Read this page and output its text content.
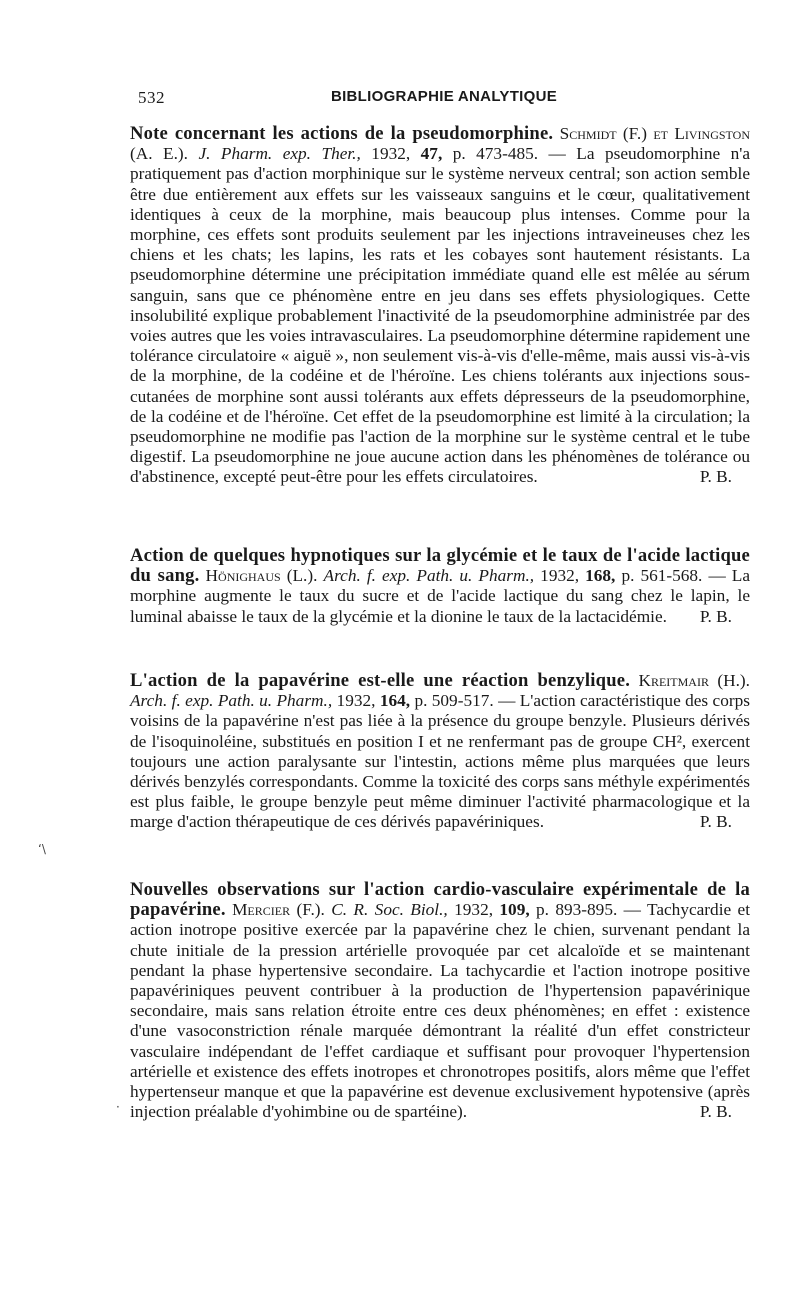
532	BIBLIOGRAPHIE ANALYTIQUE

Note concernant les actions de la pseudomorphine. Schmidt (F.) et Livingston (A. E.). J. Pharm. exp. Ther., 1932, 47, p. 473-485. — La pseudomorphine n'a pratiquement pas d'action morphinique sur le système nerveux central; son action semble être due entièrement aux effets sur les vaisseaux sanguins et le cœur, qualitativement identiques à ceux de la morphine, mais beaucoup plus intenses. Comme pour la morphine, ces effets sont produits seulement par les injections intraveineuses chez les chiens et les chats; les lapins, les rats et les cobayes sont hautement résistants. La pseudomorphine détermine une précipitation immédiate quand elle est mêlée au sérum sanguin, sans que ce phénomène entre en jeu dans ses effets physiologiques. Cette insolubilité explique probablement l'inactivité de la pseudomorphine administrée par des voies autres que les voies intravasculaires. La pseudomorphine détermine rapidement une tolérance circulatoire « aiguë », non seulement vis-à-vis d'elle-même, mais aussi vis-à-vis de la morphine, de la codéine et de l'héroïne. Les chiens tolérants aux injections sous-cutanées de morphine sont aussi tolérants aux effets dépresseurs de la pseudomorphine, de la codéine et de l'héroïne. Cet effet de la pseudomorphine est limité à la circulation; la pseudomorphine ne modifie pas l'action de la morphine sur le système central et le tube digestif. La pseudomorphine ne joue aucune action dans les phénomènes de tolérance ou d'abstinence, excepté peut-être pour les effets circulatoires.	P. B.

Action de quelques hypnotiques sur la glycémie et le taux de l'acide lactique du sang. Hönighaus (L.). Arch. f. exp. Path. u. Pharm., 1932, 168, p. 561-568. — La morphine augmente le taux du sucre et de l'acide lactique du sang chez le lapin, le luminal abaisse le taux de la glycémie et la dionine le taux de la lactacidémie.	P. B.

L'action de la papavérine est-elle une réaction benzylique. Kreitmair (H.). Arch. f. exp. Path. u. Pharm., 1932, 164, p. 509-517. — L'action caractéristique des corps voisins de la papavérine n'est pas liée à la présence du groupe benzyle. Plusieurs dérivés de l'isoquinoléine, substitués en position I et ne renfermant pas de groupe CH², exercent toujours une action paralysante sur l'intestin, actions même plus marquées que leurs dérivés benzylés correspondants. Comme la toxicité des corps sans méthyle expérimentés est plus faible, le groupe benzyle peut même diminuer l'activité pharmacologique et la marge d'action thérapeutique de ces dérivés papavériniques.	P. B.

Nouvelles observations sur l'action cardio-vasculaire expérimentale de la papavérine. Mercier (F.). C. R. Soc. Biol., 1932, 109, p. 893-895. — Tachycardie et action inotrope positive exercée par la papavérine chez le chien, survenant pendant la chute initiale de la pression artérielle provoquée par cet alcaloïde et se maintenant pendant la phase hypertensive secondaire. La tachycardie et l'action inotrope positive papavériniques peuvent contribuer à la production de l'hypertension papavérinique secondaire, mais sans relation étroite entre ces deux phénomènes; en effet : existence d'une vasoconstriction rénale marquée démontrant la réalité d'un effet constricteur vasculaire indépendant de l'effet cardiaque et suffisant pour provoquer l'hypertension artérielle et existence des effets inotropes et chronotropes positifs, alors même que l'effet hypertenseur manque et que la papavérine est devenue exclusivement hypotensive (après injection préalable d'yohimbine ou de spartéine).	P. B.

‘\
·
